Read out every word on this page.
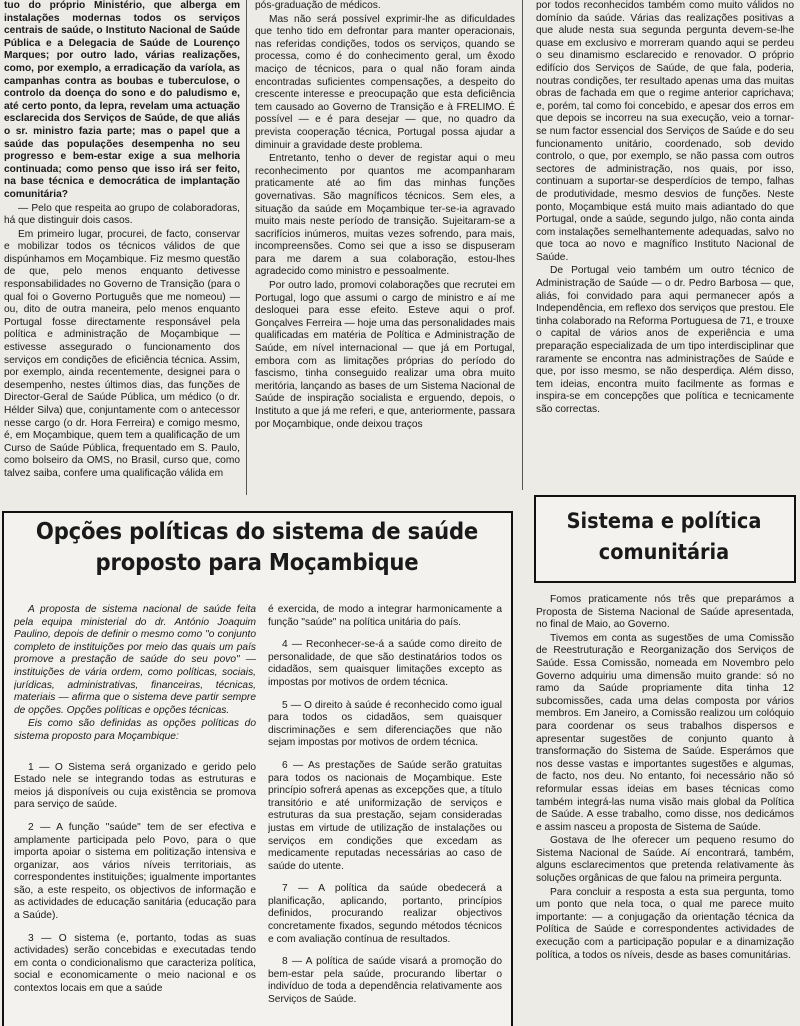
tuo do próprio Ministério, que alberga em instalações modernas todos os serviços centrais de saúde, o Instituto Nacional de Saúde Pública e a Delegacia de Saúde de Lourenço Marques; por outro lado, várias realizações, como, por exemplo, a erradicação da varíola, as campanhas contra as boubas e tuberculose, o controlo da doença do sono e do paludismo e, até certo ponto, da lepra, revelam uma actuação esclarecida dos Serviços de Saúde, de que aliás o sr. ministro fazia parte; mas o papel que a saúde das populações desempenha no seu progresso e bem-estar exige a sua melhoria continuada; como penso que isso irá ser feito, na base técnica e democrática de implantação comunitária?

— Pelo que respeita ao grupo de colaboradoras, há que distinguir dois casos.

Em primeiro lugar, procurei, de facto, conservar e mobilizar todos os técnicos válidos de que dispúnhamos em Moçambique. Fiz mesmo questão de que, pelo menos enquanto detivesse responsabilidades no Governo de Transição (para o qual foi o Governo Português que me nomeou) — ou, dito de outra maneira, pelo menos enquanto Portugal fosse directamente responsável pela política e administração de Moçambique — estivesse assegurado o funcionamento dos serviços em condições de eficiência técnica. Assim, por exemplo, ainda recentemente, designei para o desempenho, nestes últimos dias, das funções de Director-Geral de Saúde Pública, um médico (o dr. Hélder Silva) que, conjuntamente com o antecessor nesse cargo (o dr. Hora Ferreira) e comigo mesmo, é, em Moçambique, quem tem a qualificação de um Curso de Saúde Pública, frequentado em S. Paulo, como bolseiro da OMS, no Brasil, curso que, como talvez saiba, confere uma qualificação válida em

pós-graduação de médicos.

Mas não será possível exprimir-lhe as dificuldades que tenho tido em defrontar para manter operacionais, nas referidas condições, todos os serviços, quando se processa, como é do conhecimento geral, um êxodo maciço de técnicos, para o qual não foram ainda encontradas suficientes compensações, a despeito do crescente interesse e preocupação que esta deficiência tem causado ao Governo de Transição e à FRELIMO. É possível — e é para desejar — que, no quadro da prevista cooperação técnica, Portugal possa ajudar a diminuir a gravidade deste problema.

Entretanto, tenho o dever de registar aqui o meu reconhecimento por quantos me acompanharam praticamente até ao fim das minhas funções governativas. São magníficos técnicos. Sem eles, a situação da saúde em Moçambique ter-se-ia agravado muito mais neste período de transição. Sujeitaram-se a sacrifícios inúmeros, muitas vezes sofrendo, para mais, incompreensões. Como sei que a isso se dispuseram para me darem a sua colaboração, estou-lhes agradecido como ministro e pessoalmente.

Por outro lado, promovi colaborações que recrutei em Portugal, logo que assumi o cargo de ministro e aí me desloquei para esse efeito. Esteve aqui o prof. Gonçalves Ferreira — hoje uma das personalidades mais qualificadas em matéria de Política e Administração de Saúde, em nível internacional — que já em Portugal, embora com as limitações próprias do período do fascismo, tinha conseguido realizar uma obra muito meritória, lançando as bases de um Sistema Nacional de Saúde de inspiração socialista e erguendo, depois, o Instituto a que já me referi, e que, anteriormente, passara por Moçambique, onde deixou traços

por todos reconhecidos também como muito válidos no domínio da saúde. Várias das realizações positivas a que alude nesta sua segunda pergunta devem-se-lhe quase em exclusivo e morreram quando aqui se perdeu o seu dinamismo esclarecido e renovador. O próprio edifício dos Serviços de Saúde, de que fala, poderia, noutras condições, ter resultado apenas uma das muitas obras de fachada em que o regime anterior caprichava; e, porém, tal como foi concebido, e apesar dos erros em que depois se incorreu na sua execução, veio a tornar-se num factor essencial dos Serviços de Saúde e do seu funcionamento unitário, coordenado, sob devido controlo, o que, por exemplo, se não passa com outros sectores de administração, nos quais, por isso, continuam a suportar-se desperdícios de tempo, falhas de produtividade, mesmo desvios de funções. Neste ponto, Moçambique está muito mais adiantado do que Portugal, onde a saúde, segundo julgo, não conta ainda com instalações semelhantemente adequadas, salvo no que toca ao novo e magnífico Instituto Nacional de Saúde.

De Portugal veio também um outro técnico de Administração de Saúde — o dr. Pedro Barbosa — que, aliás, foi convidado para aqui permanecer após a Independência, em reflexo dos serviços que prestou. Ele tinha colaborado na Reforma Portuguesa de 71, e trouxe o capital de vários anos de experiência e uma preparação especializada de um tipo interdisciplinar que raramente se encontra nas administrações de Saúde e que, por isso mesmo, se não desperdiça. Além disso, tem ideias, encontra muito facilmente as formas e inspira-se em concepções que política e tecnicamente são correctas.

Opções políticas do sistema de saúde proposto para Moçambique

A proposta de sistema nacional de saúde feita pela equipa ministerial do dr. António Joaquim Paulino, depois de definir o mesmo como "o conjunto completo de instituições por meio das quais um país promove a prestação de saúde do seu povo" — instituições de vária ordem, como políticas, sociais, jurídicas, administrativas, financeiras, técnicas, materiais — afirma que o sistema deve partir sempre de opções. Opções políticas e opções técnicas.

Eis como são definidas as opções políticas do sistema proposto para Moçambique:

1 — O Sistema será organizado e gerido pelo Estado nele se integrando todas as estruturas e meios já disponíveis ou cuja existência se promova para serviço de saúde.

2 — A função "saúde" tem de ser efectiva e amplamente participada pelo Povo, para o que importa apoiar o sistema em politização intensiva e organizar, aos vários níveis territoriais, as correspondentes instituições; igualmente importantes são, a este respeito, os objectivos de informação e as actividades de educação sanitária (educação para a Saúde).

3 — O sistema (e, portanto, todas as suas actividades) serão concebidas e executadas tendo em conta o condicionalismo que caracteriza política, social e economicamente o meio nacional e os contextos locais em que a saúde

é exercida, de modo a integrar harmonicamente a função "saúde" na política unitária do país.

4 — Reconhecer-se-á a saúde como direito de personalidade, de que são destinatários todos os cidadãos, sem quaisquer limitações excepto as impostas por motivos de ordem técnica.

5 — O direito à saúde é reconhecido como igual para todos os cidadãos, sem quaisquer discriminações e sem diferenciações que não sejam impostas por motivos de ordem técnica.

6 — As prestações de Saúde serão gratuitas para todos os nacionais de Moçambique. Este princípio sofrerá apenas as excepções que, a título transitório e até uniformização de serviços e estruturas da sua prestação, sejam consideradas justas em virtude de utilização de instalações ou serviços em condições que excedam as medicamente reputadas necessárias ao caso de saúde do utente.

7 — A política da saúde obedecerá a planificação, aplicando, portanto, princípios definidos, procurando realizar objectivos concretamente fixados, segundo métodos técnicos e com avaliação contínua de resultados.

8 — A política de saúde visará a promoção do bem-estar pela saúde, procurando libertar o indivíduo de toda a dependência relativamente aos Serviços de Saúde.

Sistema e política comunitária

Fomos praticamente nós três que preparámos a Proposta de Sistema Nacional de Saúde apresentada, no final de Maio, ao Governo.

Tivemos em conta as sugestões de uma Comissão de Reestruturação e Reorganização dos Serviços de Saúde. Essa Comissão, nomeada em Novembro pelo Governo adquiriu uma dimensão muito grande: só no ramo da Saúde propriamente dita tinha 12 subcomissões, cada uma delas composta por vários membros. Em Janeiro, a Comissão realizou um colóquio para coordenar os seus trabalhos dispersos e apresentar sugestões de conjunto quanto à transformação do Sistema de Saúde. Esperámos que nos desse vastas e importantes sugestões e algumas, de facto, nos deu. No entanto, foi necessário não só reformular essas ideias em bases técnicas como também integrá-las numa visão mais global da Política de Saúde. A esse trabalho, como disse, nos dedicámos e assim nasceu a proposta de Sistema de Saúde.

Gostava de lhe oferecer um pequeno resumo do Sistema Nacional de Saúde. Aí encontrará, também, alguns esclarecimentos que pretenda relativamente às soluções orgânicas de que falou na primeira pergunta.

Para concluir a resposta a esta sua pergunta, tomo um ponto que nela toca, o qual me parece muito importante: — a conjugação da orientação técnica da Política de Saúde e correspondentes actividades de execução com a participação popular e a dinamização política, a todos os níveis, desde as bases comunitárias.
